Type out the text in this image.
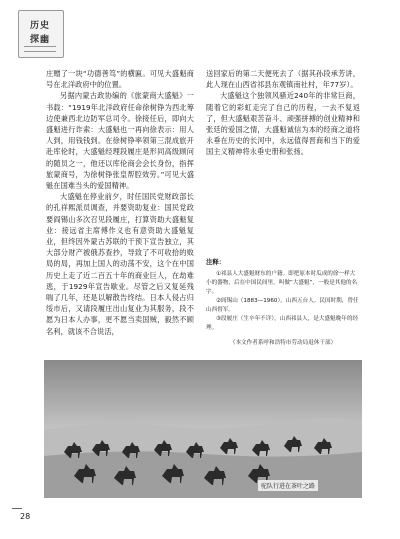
历史
探幽

庄赠了一块“功德善笃”的横匾。可见大盛魁商号在北洋政府中的位置。

另据内蒙古政协编的《旅蒙商大盛魁》一书载：“1919年北洋政府任命徐树铮为西北筹边使兼西北边防军总司令。徐接任后，即向大盛魁进行诈索：大盛魁也一再向徐表示：用人人到，用钱钱到。在徐树铮率领第三混成旅开赴库伦时，大盛魁经理段履庄是形同高级顾问的随员之一，他还以库伦商会会长身份，指挥旅蒙商号，为徐树铮张皇帮腔效劳。”可见大盛魁在国难当头的爱国精神。

大盛魁在停业前夕，时任国民党财政部长的孔祥熙派员调查，并要资助复业：国民党政要阎锡山多次召见段履庄，打算资助大盛魁复业：接远省主席傅作义也有意资助大盛魁复业，但终因外蒙古苏联的干预下宣告独立，其大部分财产被俄苏查抄，导致了不可收拾的败局的局，再加上国人的动荡不安，这个在中国历史上走了近二百五十年的商业巨人，在劫难逃，于1929年宣告歇业。尽管之后又复延残喘了几年，还是以解散告终结。日本人侵占归绥市后，又请段履庄出山复业为其服务，段不愿为日本人办事，更不愿当卖国贼，毅然不顾名利，就该不合说活，

送回家后的第二天便死去了（据其孙段承芳讲，此人现在山西省祁县东观镇南社村，年77岁）。

大盛魁这个独领风骚近240年的非常巨商，随着它的彩虹走完了自己的历程，一去不复返了，但大盛魁艰苦奋斗、顽强拼搏的创业精神和张廷的爱国之情，大盛魁诚信为本的经商之道将永垂在历史的长河中，永远值得晋商和当下的爱国主义精神将永垂史册和张扬。

注释：

①祁县人大盛魁财东的户籍。即把原本时瓜成的徐一样大小的器物，后在中国民间里，叫做“大盛魁”，一般是其他的名字。

②阎锡山（1883—1960），山西五台人。民国时期，曾任山西督军。

③段履庄（生卒年不详），山西祁县人，是大盛魁晚年的经理。

（本文作者系呼和浩特市劳动局退休干部）

驼队行进在茶叶之路
28
